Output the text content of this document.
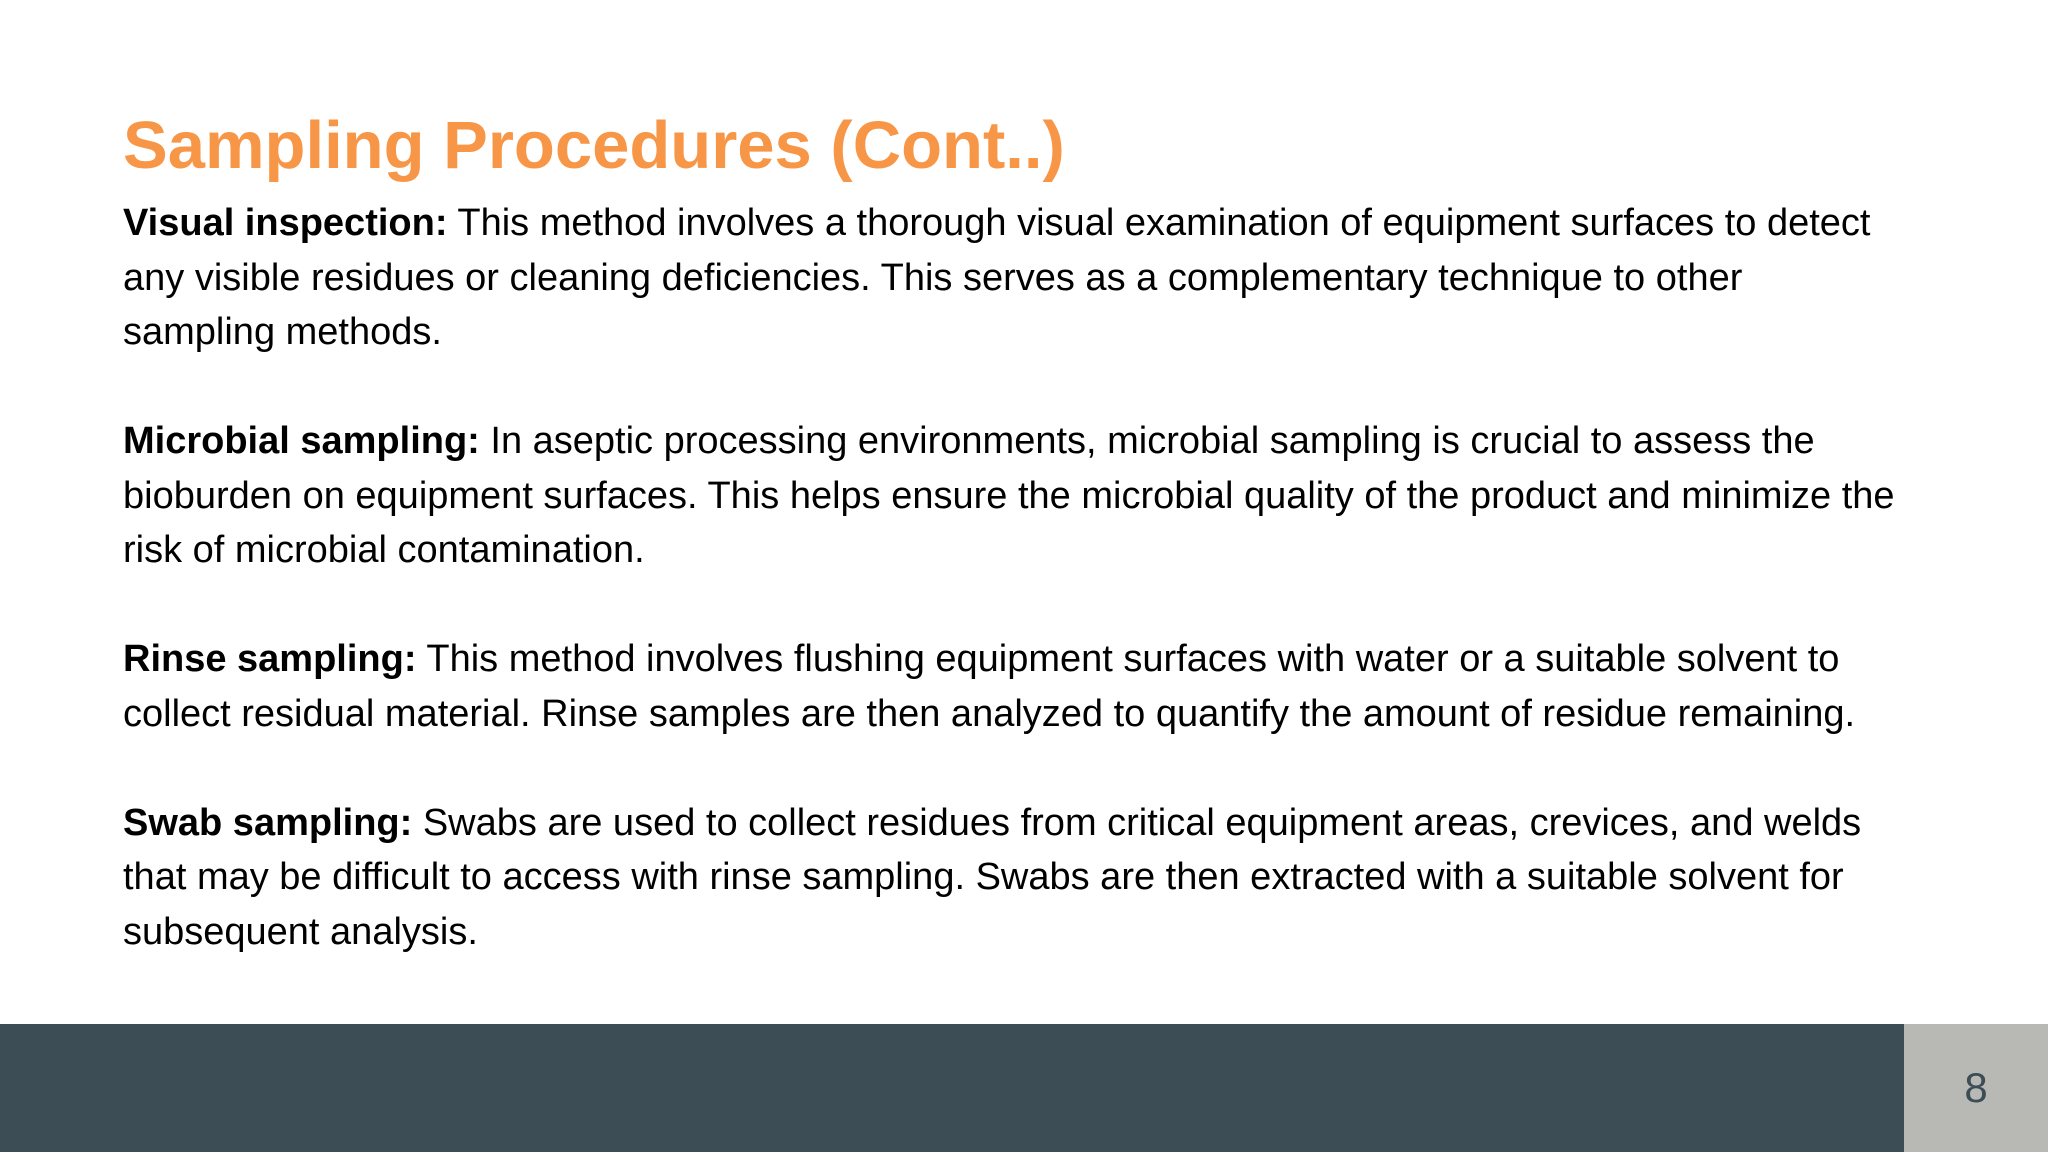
Sampling Procedures (Cont..)

Visual inspection: This method involves a thorough visual examination of equipment surfaces to detect any visible residues or cleaning deficiencies. This serves as a complementary technique to other sampling methods.

Microbial sampling: In aseptic processing environments, microbial sampling is crucial to assess the bioburden on equipment surfaces. This helps ensure the microbial quality of the product and minimize the risk of microbial contamination.

Rinse sampling: This method involves flushing equipment surfaces with water or a suitable solvent to collect residual material. Rinse samples are then analyzed to quantify the amount of residue remaining.

Swab sampling: Swabs are used to collect residues from critical equipment areas, crevices, and welds that may be difficult to access with rinse sampling. Swabs are then extracted with a suitable solvent for subsequent analysis.

8
